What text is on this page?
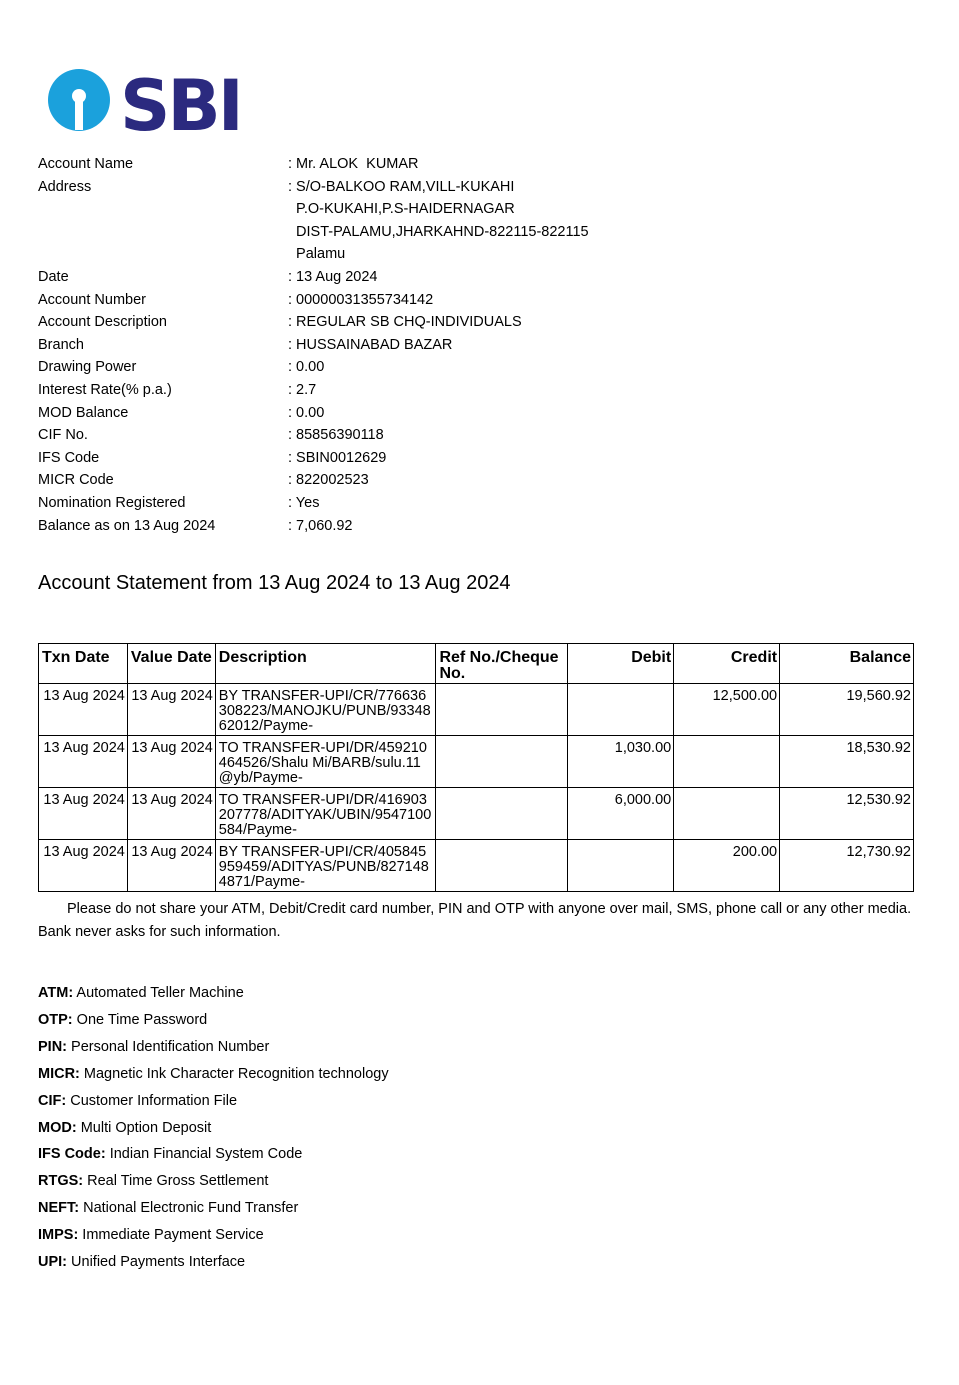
SBI
Account Name	: Mr. ALOK  KUMAR
Address	: S/O-BALKOO RAM,VILL-KUKAHI
P.O-KUKAHI,P.S-HAIDERNAGAR
DIST-PALAMU,JHARKAHND-822115-822115
Palamu
Date	: 13 Aug 2024
Account Number	: 00000031355734142
Account Description	: REGULAR SB CHQ-INDIVIDUALS
Branch	: HUSSAINABAD BAZAR
Drawing Power	: 0.00
Interest Rate(% p.a.)	: 2.7
MOD Balance	: 0.00
CIF No.	: 85856390118
IFS Code	: SBIN0012629
MICR Code	: 822002523
Nomination Registered	: Yes
Balance as on 13 Aug 2024	: 7,060.92
Account Statement from 13 Aug 2024 to 13 Aug 2024
Txn Date	Value Date	Description	Ref No./Cheque No.	Debit	Credit	Balance
13 Aug 2024	13 Aug 2024	BY TRANSFER-UPI/CR/776636308223/MANOJKU/PUNB/9334862012/Payme-			12,500.00	19,560.92
13 Aug 2024	13 Aug 2024	TO TRANSFER-UPI/DR/459210464526/Shalu Mi/BARB/sulu.11@yb/Payme-		1,030.00		18,530.92
13 Aug 2024	13 Aug 2024	TO TRANSFER-UPI/DR/416903207778/ADITYAK/UBIN/9547100584/Payme-		6,000.00		12,530.92
13 Aug 2024	13 Aug 2024	BY TRANSFER-UPI/CR/405845959459/ADITYAS/PUNB/8271484871/Payme-			200.00	12,730.92
Please do not share your ATM, Debit/Credit card number, PIN and OTP with anyone over mail, SMS, phone call or any other media. Bank never asks for such information.
ATM: Automated Teller Machine
OTP: One Time Password
PIN: Personal Identification Number
MICR: Magnetic Ink Character Recognition technology
CIF: Customer Information File
MOD: Multi Option Deposit
IFS Code: Indian Financial System Code
RTGS: Real Time Gross Settlement
NEFT: National Electronic Fund Transfer
IMPS: Immediate Payment Service
UPI: Unified Payments Interface
